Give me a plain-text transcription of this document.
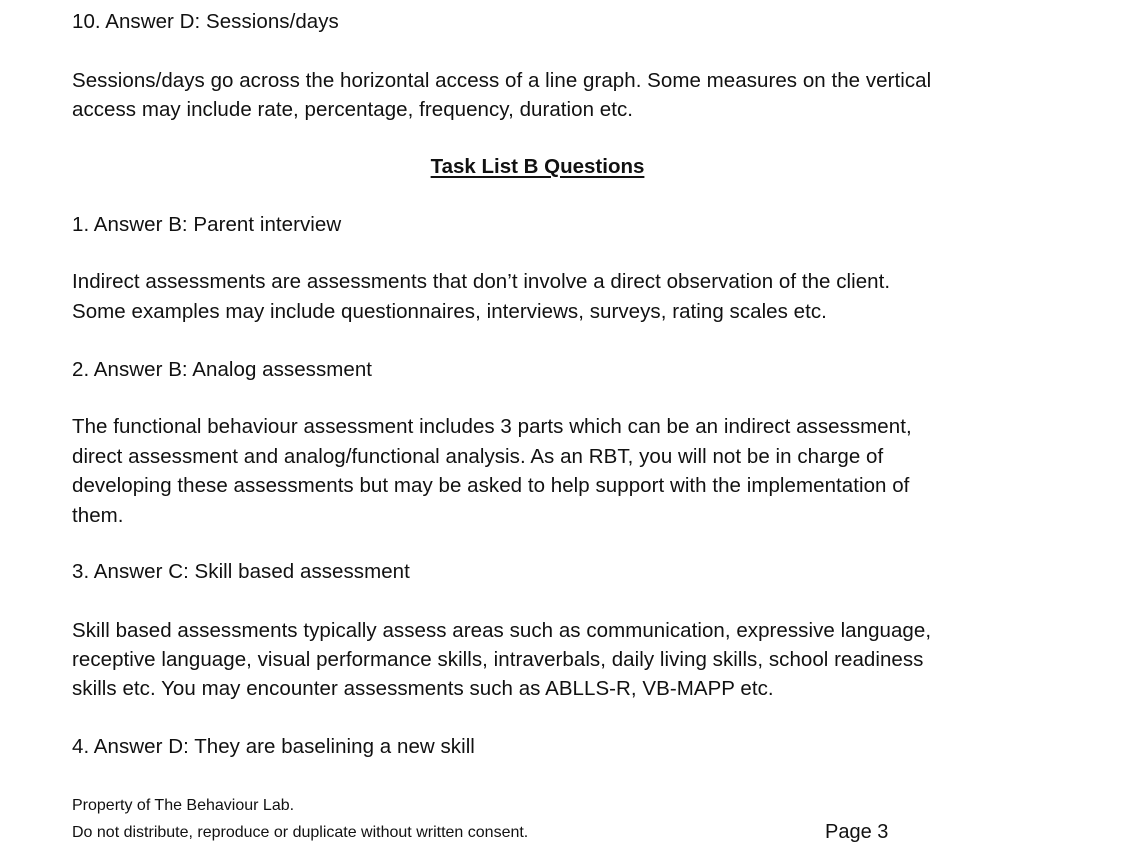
10. Answer D: Sessions/days
Sessions/days go across the horizontal access of a line graph. Some measures on the vertical
access may include rate, percentage, frequency, duration etc.
Task List B Questions
1. Answer B: Parent interview
Indirect assessments are assessments that don’t involve a direct observation of the client.
Some examples may include questionnaires, interviews, surveys, rating scales etc.
2. Answer B: Analog assessment
The functional behaviour assessment includes 3 parts which can be an indirect assessment,
direct assessment and analog/functional analysis. As an RBT, you will not be in charge of
developing these assessments but may be asked to help support with the implementation of
them.
3. Answer C: Skill based assessment
Skill based assessments typically assess areas such as communication, expressive language,
receptive language, visual performance skills, intraverbals, daily living skills, school readiness
skills etc. You may encounter assessments such as ABLLS-R, VB-MAPP etc.
4. Answer D: They are baselining a new skill
Property of The Behaviour Lab.
Do not distribute, reproduce or duplicate without written consent.	Page 3
